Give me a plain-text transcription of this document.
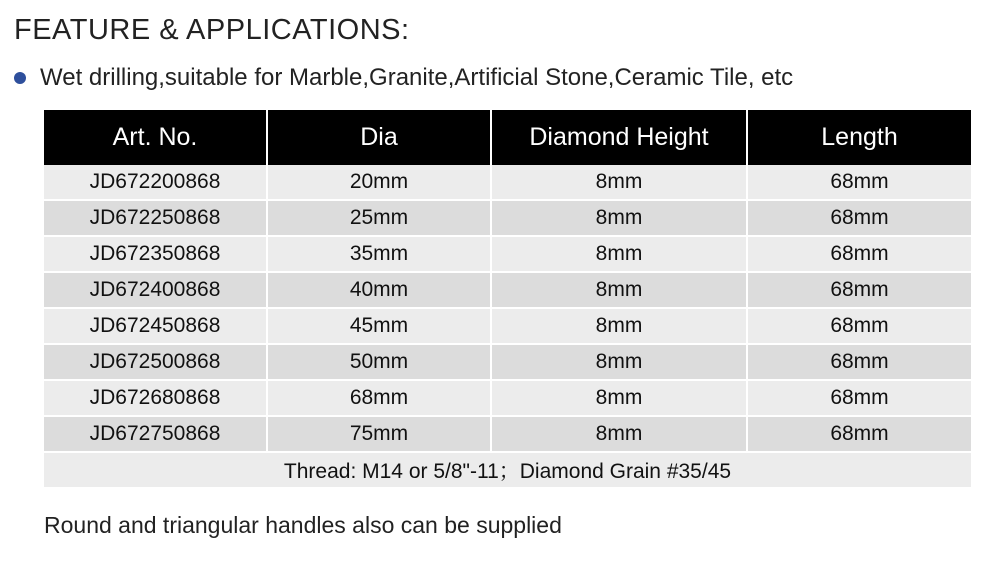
FEATURE & APPLICATIONS:
Wet drilling,suitable for Marble,Granite,Artificial Stone,Ceramic Tile, etc
Art. No.	Dia	Diamond Height	Length
JD672200868	20mm	8mm	68mm
JD672250868	25mm	8mm	68mm
JD672350868	35mm	8mm	68mm
JD672400868	40mm	8mm	68mm
JD672450868	45mm	8mm	68mm
JD672500868	50mm	8mm	68mm
JD672680868	68mm	8mm	68mm
JD672750868	75mm	8mm	68mm
Thread: M14 or 5/8"-11；Diamond Grain #35/45			
Round and triangular handles also can be supplied
